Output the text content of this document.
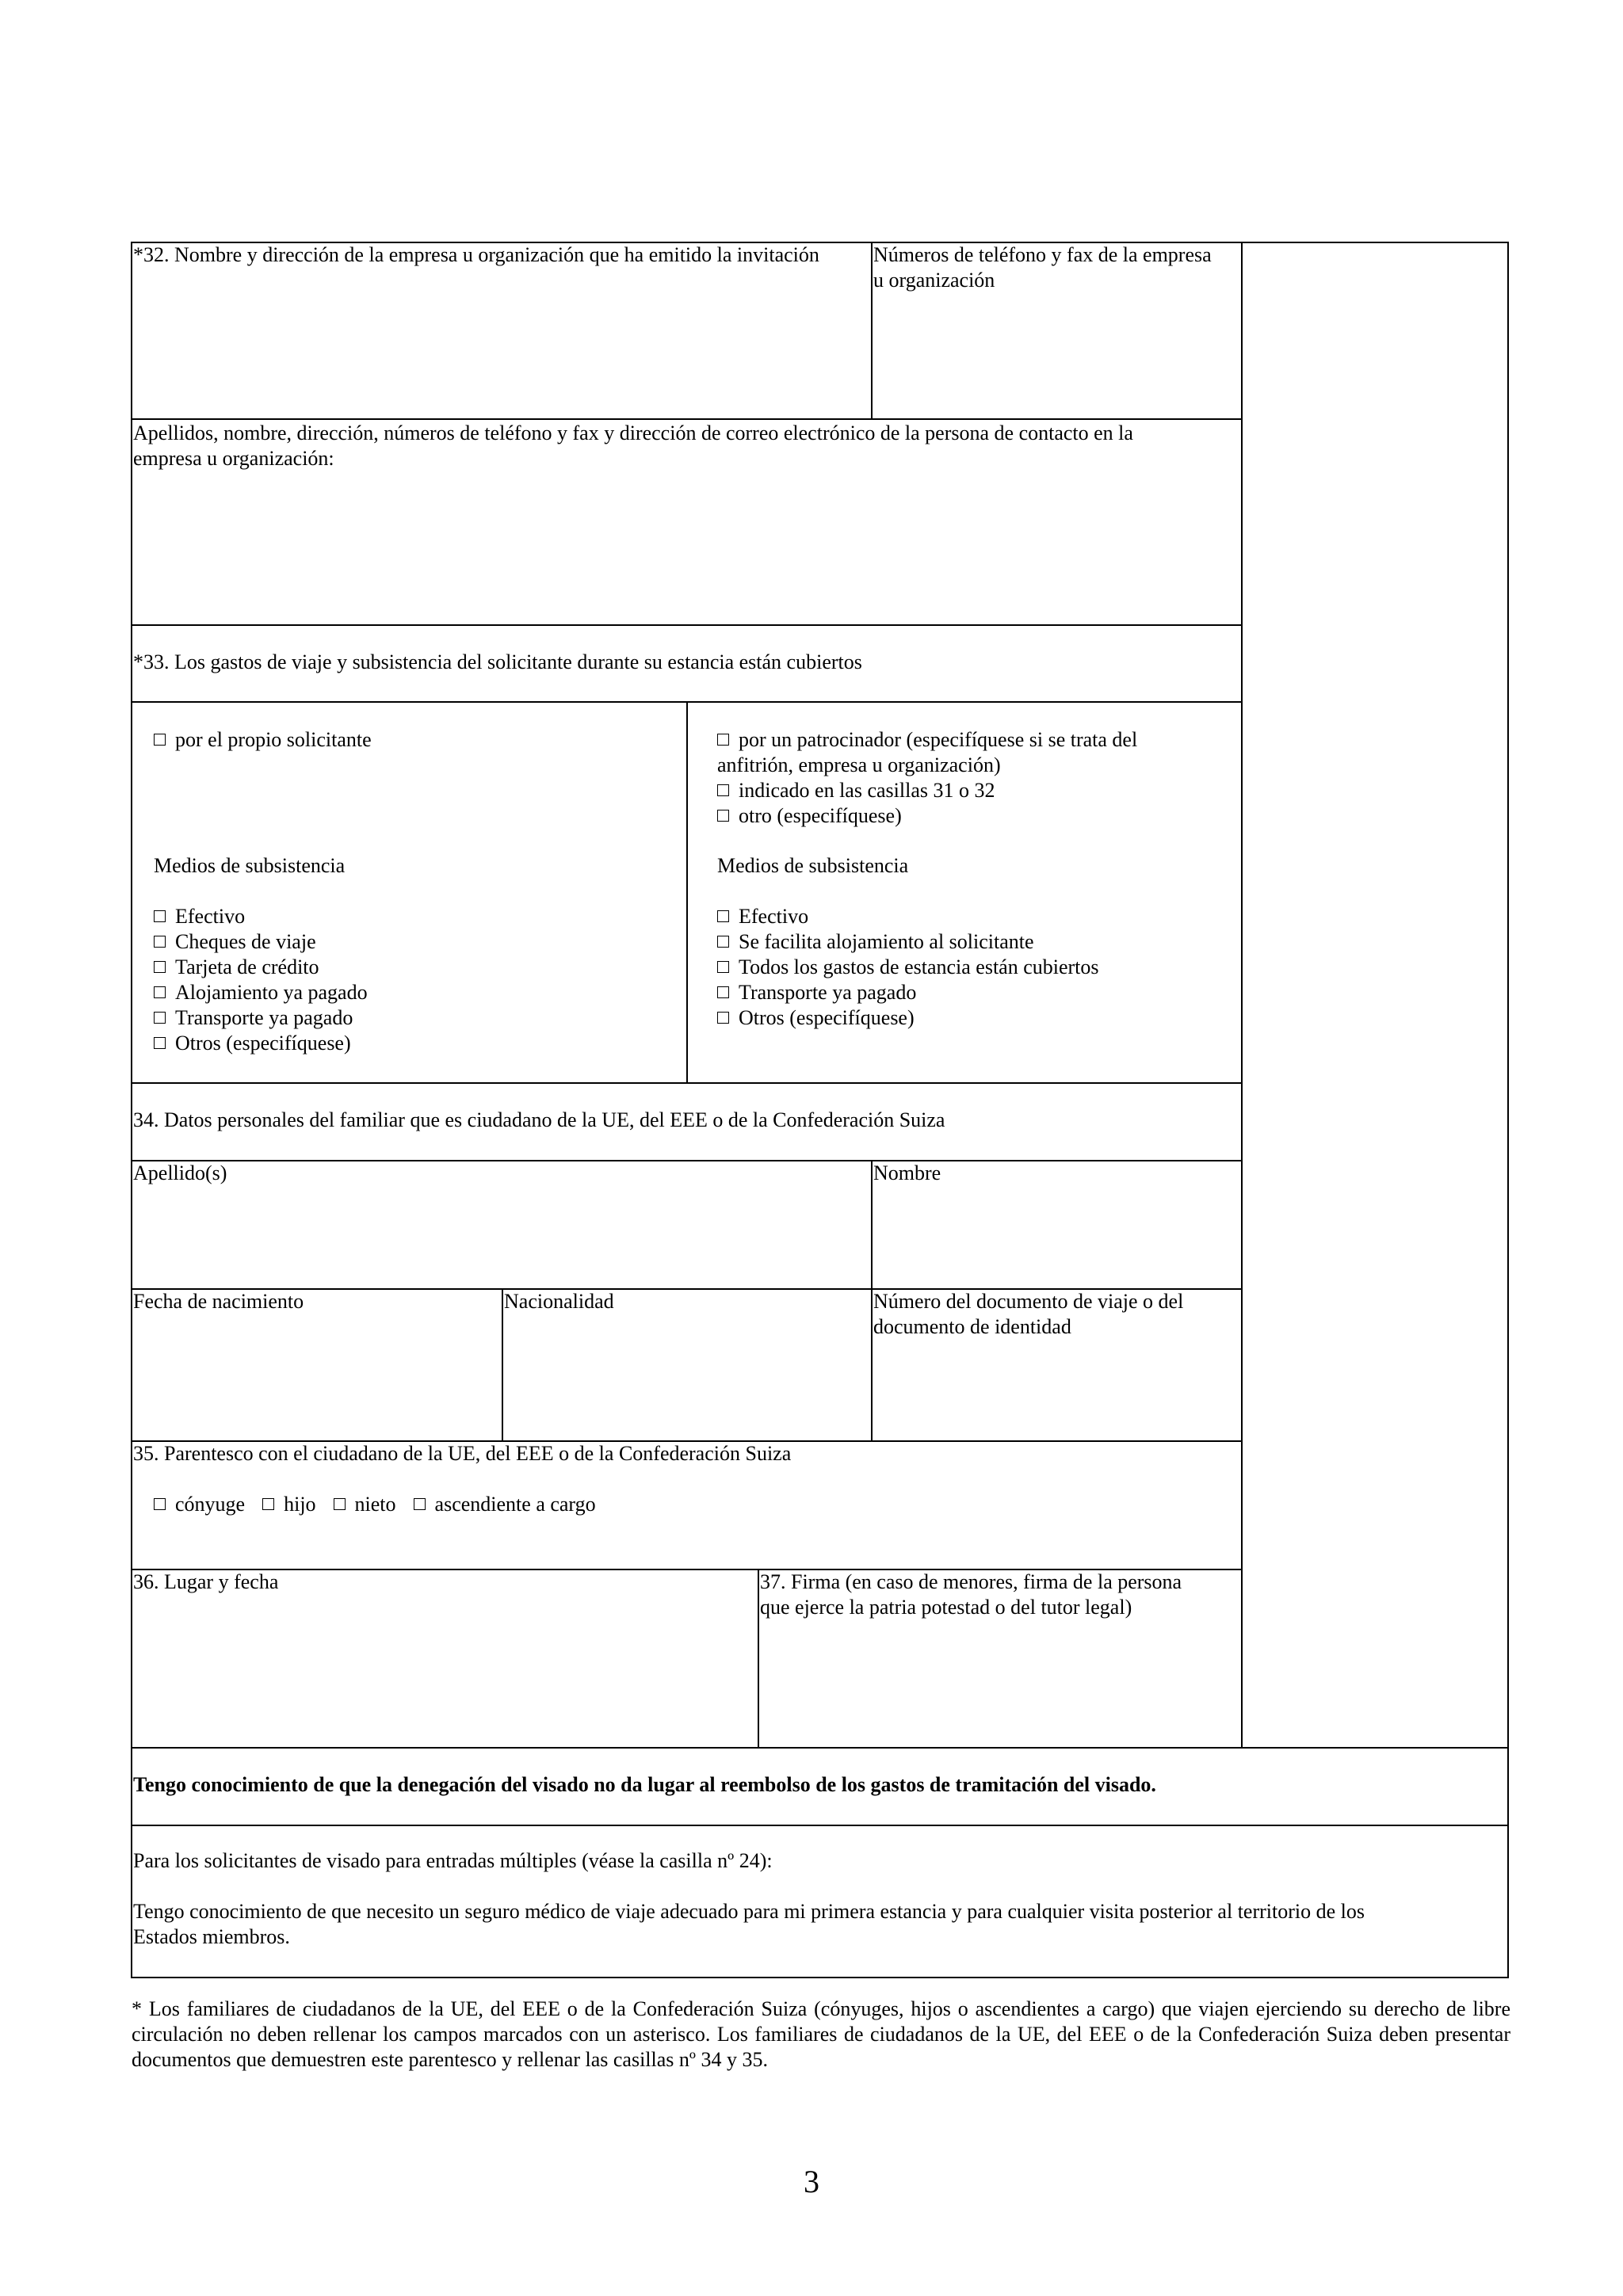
*32. Nombre y dirección de la empresa u organización que ha emitido la invitación	Números de teléfono y fax de la empresa
u organización
Apellidos, nombre, dirección, números de teléfono y fax y dirección de correo electrónico de la persona de contacto en la
empresa u organización:
*33. Los gastos de viaje y subsistencia del solicitante durante su estancia están cubiertos
por el propio solicitante
Medios de subsistencia
Efectivo
Cheques de viaje
Tarjeta de crédito
Alojamiento ya pagado
Transporte ya pagado
Otros (especifíquese)
por un patrocinador (especifíquese si se trata del
anfitrión, empresa u organización)
indicado en las casillas 31 o 32
otro (especifíquese)
Medios de subsistencia
Efectivo
Se facilita alojamiento al solicitante
Todos los gastos de estancia están cubiertos
Transporte ya pagado
Otros (especifíquese)
34. Datos personales del familiar que es ciudadano de la UE, del EEE o de la Confederación Suiza
Apellido(s)	Nombre
Fecha de nacimiento	Nacionalidad	Número del documento de viaje o del
documento de identidad
35. Parentesco con el ciudadano de la UE, del EEE o de la Confederación Suiza
cónyuge hijo nieto ascendiente a cargo
36. Lugar y fecha	37. Firma (en caso de menores, firma de la persona
que ejerce la patria potestad o del tutor legal)
Tengo conocimiento de que la denegación del visado no da lugar al reembolso de los gastos de tramitación del visado.
Para los solicitantes de visado para entradas múltiples (véase la casilla nº 24):
Tengo conocimiento de que necesito un seguro médico de viaje adecuado para mi primera estancia y para cualquier visita posterior al territorio de los
Estados miembros.
* Los familiares de ciudadanos de la UE, del EEE o de la Confederación Suiza (cónyuges, hijos o ascendientes a cargo) que viajen ejerciendo su derecho de libre circulación no deben rellenar los campos marcados con un asterisco. Los familiares de ciudadanos de la UE, del EEE o de la Confederación Suiza deben presentar documentos que demuestren este parentesco y rellenar las casillas nº 34 y 35.
3
